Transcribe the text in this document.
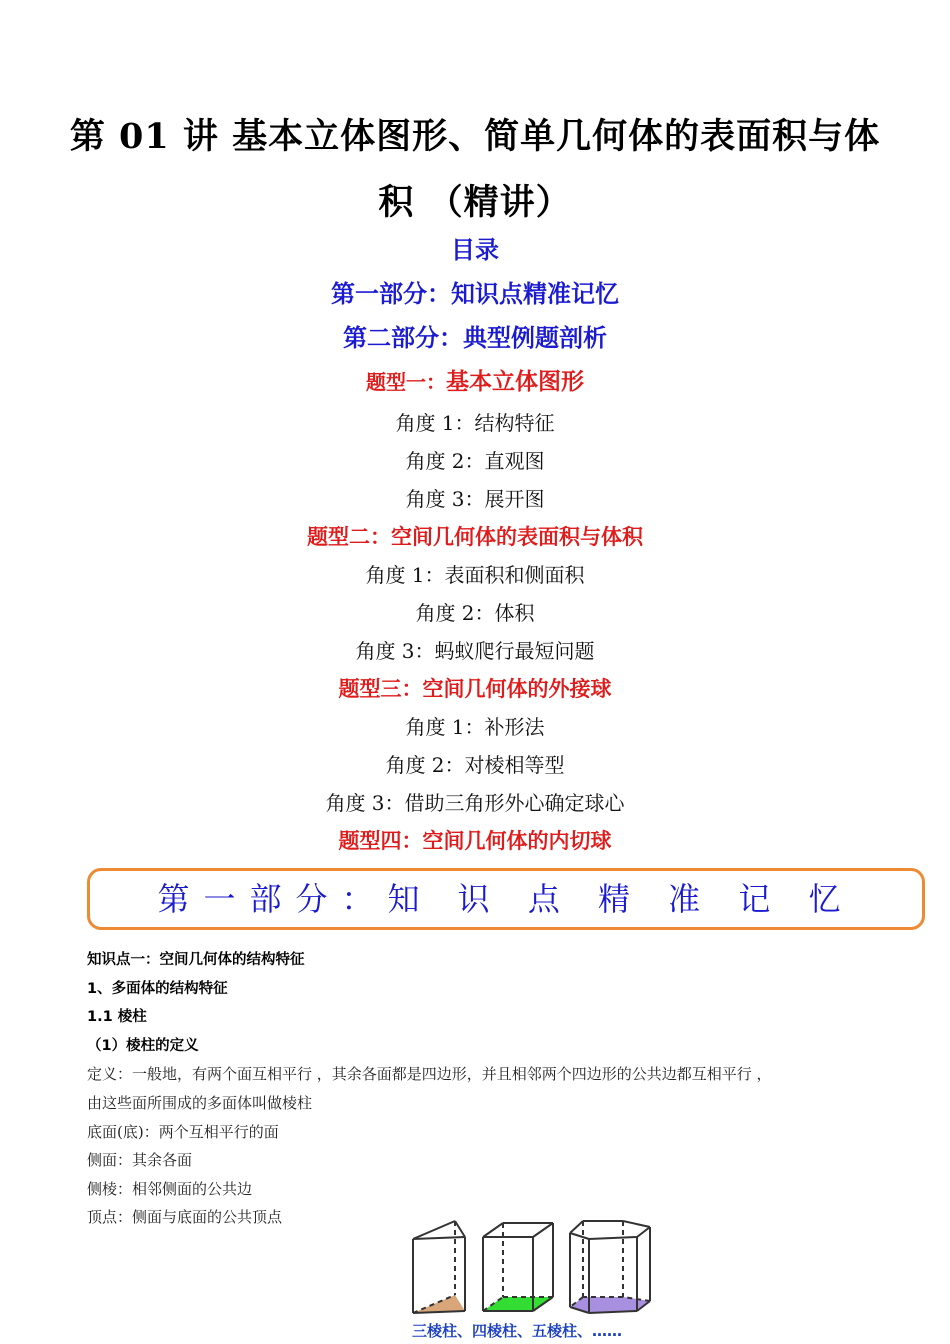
第 01 讲 基本立体图形、简单几何体的表面积与体
积 （精讲）
目录
第一部分：知识点精准记忆
第二部分：典型例题剖析
题型一：基本立体图形
角度 1：结构特征
角度 2：直观图
角度 3：展开图
题型二：空间几何体的表面积与体积
角度 1：表面积和侧面积
角度 2：体积
角度 3：蚂蚁爬行最短问题
题型三：空间几何体的外接球
角度 1：补形法
角度 2：对棱相等型
角度 3：借助三角形外心确定球心
题型四：空间几何体的内切球
第一部分：知 识 点 精 准 记 忆
知识点一：空间几何体的结构特征
1、多面体的结构特征
1.1 棱柱
（1）棱柱的定义
定义：一般地，有两个面互相平行 ，其余各面都是四边形，并且相邻两个四边形的公共边都互相平行 ，
由这些面所围成的多面体叫做棱柱
底面(底)：两个互相平行的面
侧面：其余各面
侧棱：相邻侧面的公共边
顶点：侧面与底面的公共顶点
三棱柱、四棱柱、五棱柱、……
